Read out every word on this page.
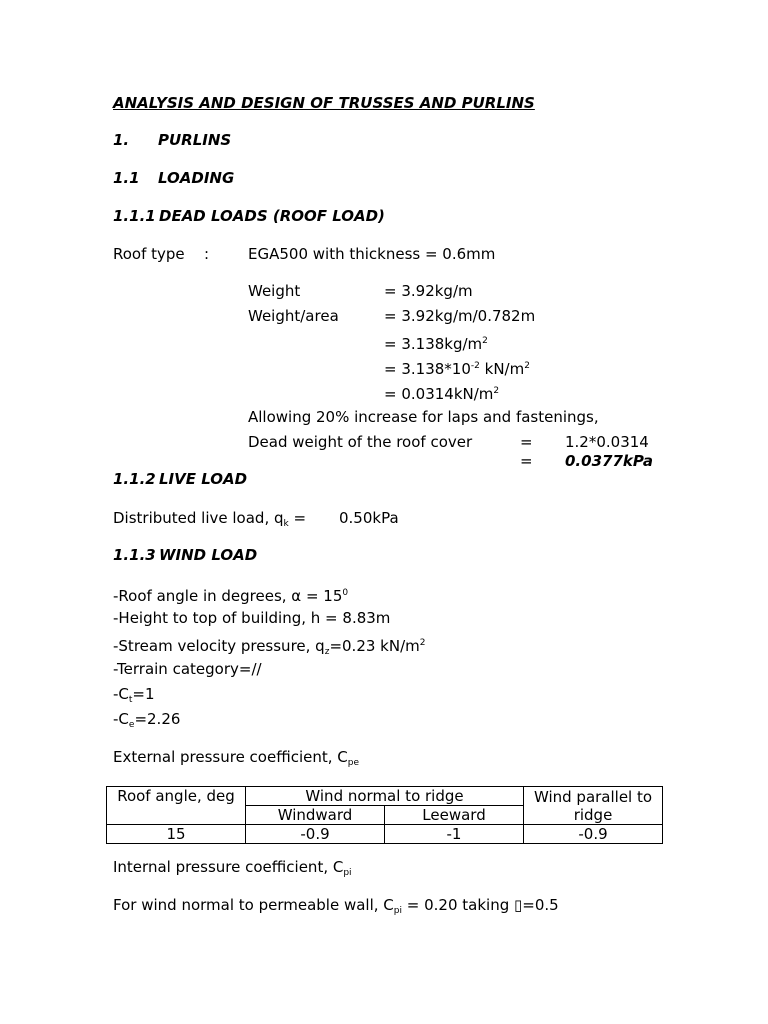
ANALYSIS AND DESIGN OF TRUSSES AND PURLINS
1. PURLINS
1.1 LOADING
1.1.1 DEAD LOADS (ROOF LOAD)
Roof type :	EGA500 with thickness = 0.6mm
Weight	= 3.92kg/m
Weight/area	= 3.92kg/m/0.782m
= $3.138kg/m^2$
= $3.138*10^{-2}$ $kN/m^2$
= $0.0314kN/m^2$
Allowing 20% increase for laps and fastenings,
Dead weight of the roof cover	= 1.2*0.0314
= 0.0377kPa
1.1.2 LIVE LOAD
Distributed live load, $q_k = 0.50kPa$
1.1.3 WIND LOAD
-Roof angle in degrees, $\alpha = 15^0$
-Height to top of building, h = 8.83m
-Stream velocity pressure, $q_z=0.23$ $kN/m^2$
-Terrain category=//
$-C_t=1$
$-C_e=2.26$
External pressure coefficient, $C_{pe}$
Roof angle, deg	Wind normal to ridge		Wind parallel to ridge
	Windward	Leeward	
15	-0.9	-1	-0.9
Internal pressure coefficient, $C_{pi}$
For wind normal to permeable wall, $C_{pi} = 0.20$ taking ▯=0.5
